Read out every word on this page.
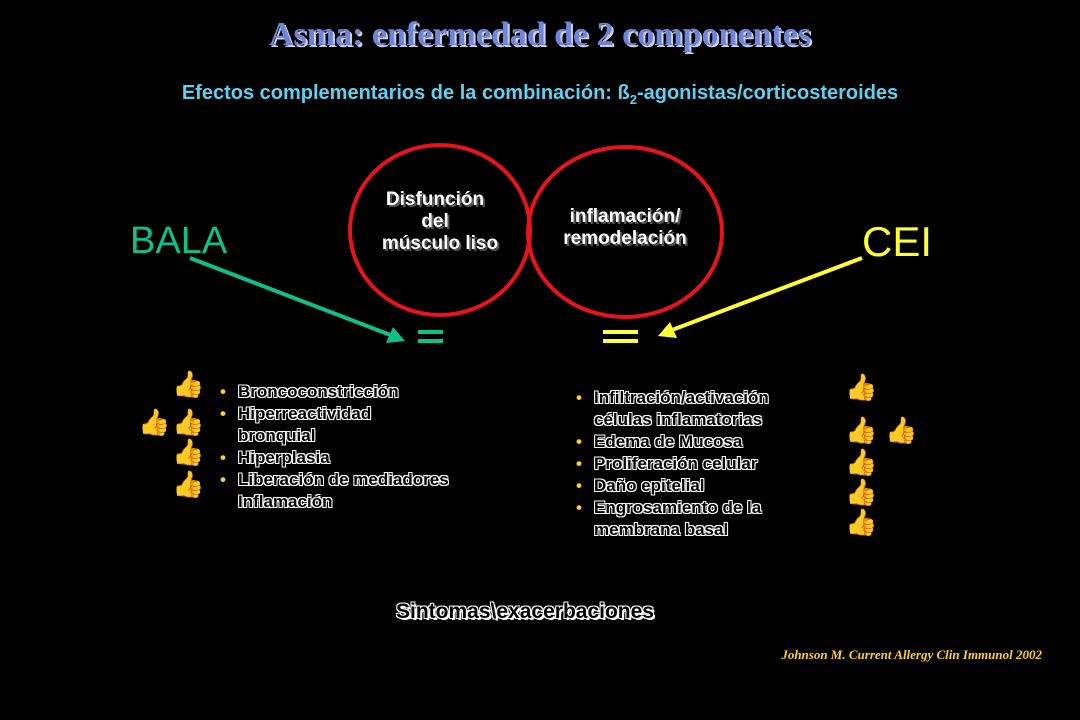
Asma: enfermedad de 2 componentes
Efectos complementarios de la combinación: $ß_2-agonistas$/corticosteroides
Disfunción
del
músculo liso
inflamación/
remodelación
BALA	CEI
👍
👍 👍
👍
👍
• Broncoconstricción
• Hiperreactividad bronquial
• Hiperplasia
• Liberación de mediadores Inflamación
• Infiltración/activación células inflamatorias
• Edema de Mucosa
• Proliferación celular
• Daño epitelial
• Engrosamiento de la membrana basal
👍
👍 👍
👍
👍
👍
Sintomas\exacerbaciones
Johnson M. Current Allergy Clin Immunol 2002
